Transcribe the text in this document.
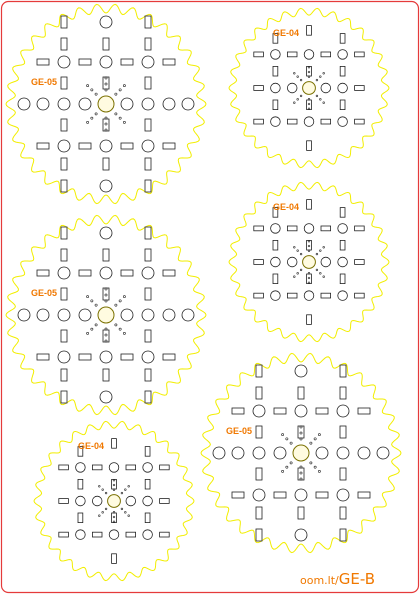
GE-05
GE-04
GE-04
GE-05
GE-04
GE-05
oom.lt/GE-B
